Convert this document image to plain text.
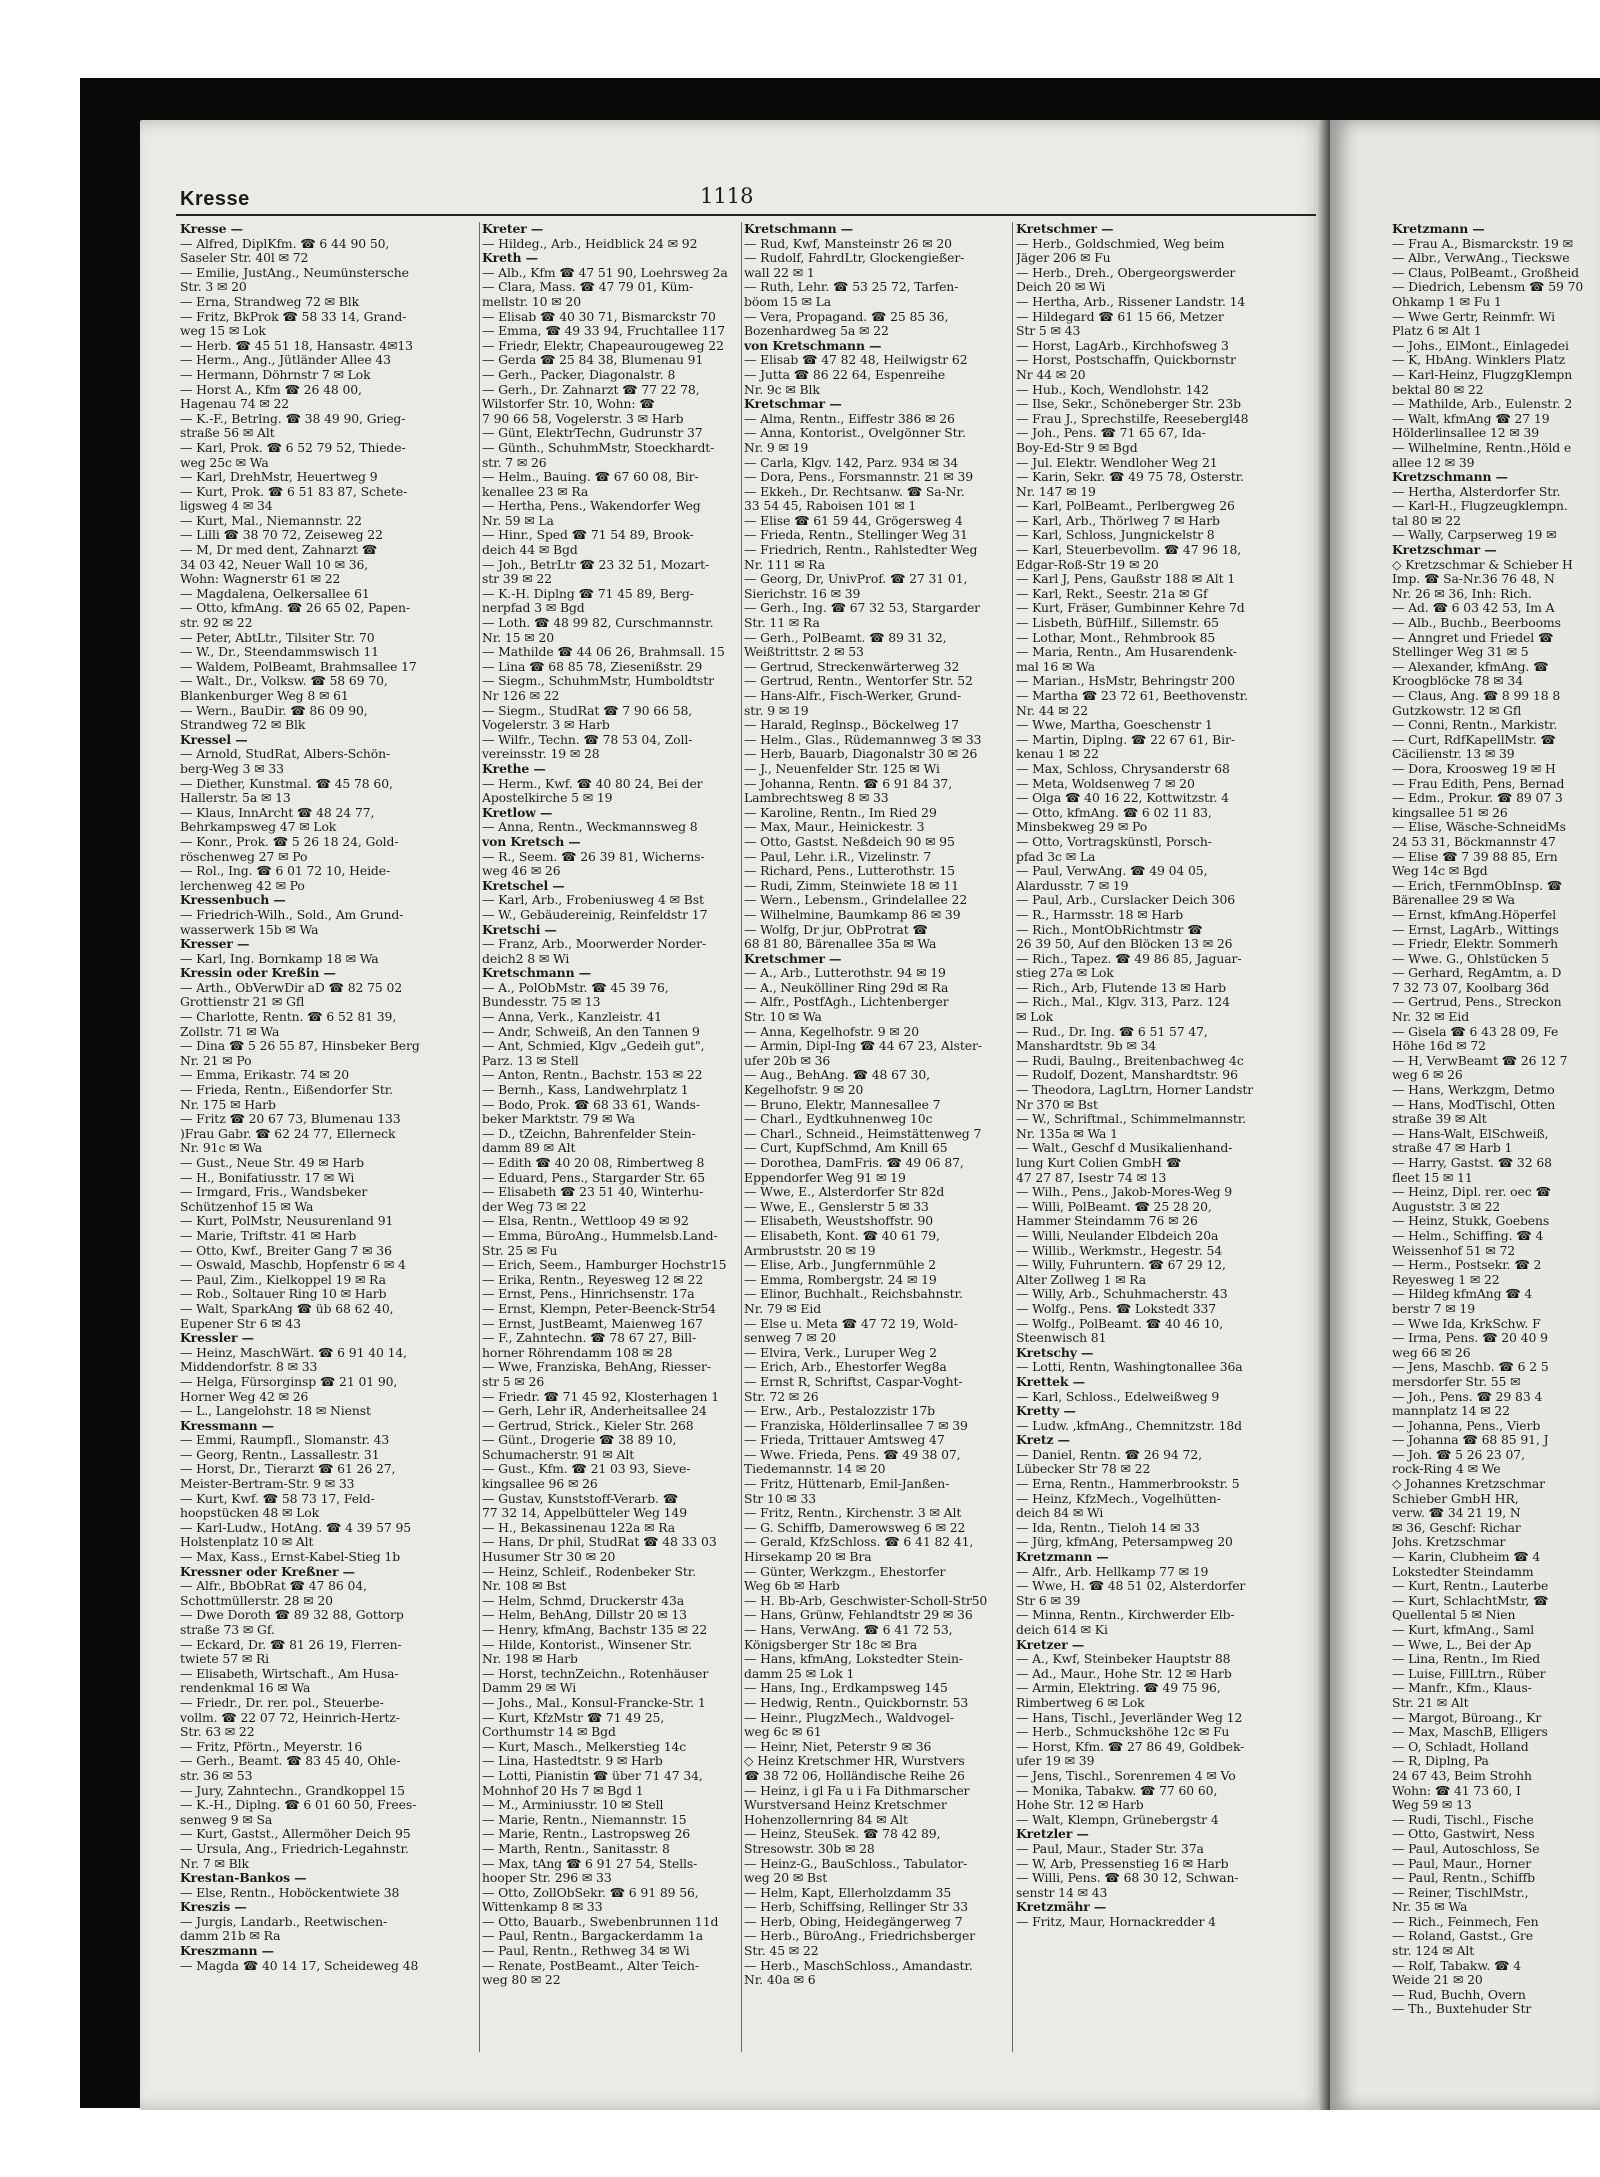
Kresse	1118
Kresse —
— Alfred, DiplKfm. ☎ 6 44 90 50,
Saseler Str. 40l ✉ 72
— Emilie, JustAng., Neumünstersche
Str. 3 ✉ 20
— Erna, Strandweg 72 ✉ Blk
— Fritz, BkProk ☎ 58 33 14, Grand-
weg 15 ✉ Lok
— Herb. ☎ 45 51 18, Hansastr. 4✉13
— Herm., Ang., Jütländer Allee 43
— Hermann, Döhrnstr 7 ✉ Lok
— Horst A., Kfm ☎ 26 48 00,
Hagenau 74 ✉ 22
— K.-F., Betrlng. ☎ 38 49 90, Grieg-
straße 56 ✉ Alt
— Karl, Prok. ☎ 6 52 79 52, Thiede-
weg 25c ✉ Wa
— Karl, DrehMstr, Heuertweg 9
— Kurt, Prok. ☎ 6 51 83 87, Schete-
ligsweg 4 ✉ 34
— Kurt, Mal., Niemannstr. 22
— Lilli ☎ 38 70 72, Zeiseweg 22
— M, Dr med dent, Zahnarzt ☎
34 03 42, Neuer Wall 10 ✉ 36,
Wohn: Wagnerstr 61 ✉ 22
— Magdalena, Oelkersallee 61
— Otto, kfmAng. ☎ 26 65 02, Papen-
str. 92 ✉ 22
— Peter, AbtLtr., Tilsiter Str. 70
— W., Dr., Steendammswisch 11
— Waldem, PolBeamt, Brahmsallee 17
— Walt., Dr., Volksw. ☎ 58 69 70,
Blankenburger Weg 8 ✉ 61
— Wern., BauDir. ☎ 86 09 90,
Strandweg 72 ✉ Blk
Kressel —
— Arnold, StudRat, Albers-Schön-
berg-Weg 3 ✉ 33
— Diether, Kunstmal. ☎ 45 78 60,
Hallerstr. 5a ✉ 13
— Klaus, InnArcht ☎ 48 24 77,
Behrkampsweg 47 ✉ Lok
— Konr., Prok. ☎ 5 26 18 24, Gold-
röschenweg 27 ✉ Po
— Rol., Ing. ☎ 6 01 72 10, Heide-
lerchenweg 42 ✉ Po
Kressenbuch —
— Friedrich-Wilh., Sold., Am Grund-
wasserwerk 15b ✉ Wa
Kresser —
— Karl, Ing. Bornkamp 18 ✉ Wa
Kressin oder Kreßin —
— Arth., ObVerwDir aD ☎ 82 75 02
Grottienstr 21 ✉ Gfl
— Charlotte, Rentn. ☎ 6 52 81 39,
Zollstr. 71 ✉ Wa
— Dina ☎ 5 26 55 87, Hinsbeker Berg
Nr. 21 ✉ Po
— Emma, Erikastr. 74 ✉ 20
— Frieda, Rentn., Eißendorfer Str.
Nr. 175 ✉ Harb
— Fritz ☎ 20 67 73, Blumenau 133
)Frau Gabr. ☎ 62 24 77, Ellerneck
Nr. 91c ✉ Wa
— Gust., Neue Str. 49 ✉ Harb
— H., Bonifatiusstr. 17 ✉ Wi
— Irmgard, Fris., Wandsbeker
Schützenhof 15 ✉ Wa
— Kurt, PolMstr, Neusurenland 91
— Marie, Triftstr. 41 ✉ Harb
— Otto, Kwf., Breiter Gang 7 ✉ 36
— Oswald, Maschb, Hopfenstr 6 ✉ 4
— Paul, Zim., Kielkoppel 19 ✉ Ra
— Rob., Soltauer Ring 10 ✉ Harb
— Walt, SparkAng ☎ üb 68 62 40,
Eupener Str 6 ✉ 43
Kressler —
— Heinz, MaschWärt. ☎ 6 91 40 14,
Middendorfstr. 8 ✉ 33
— Helga, Fürsorginsp ☎ 21 01 90,
Horner Weg 42 ✉ 26
— L., Langelohstr. 18 ✉ Nienst
Kressmann —
— Emmi, Raumpfl., Slomanstr. 43
— Georg, Rentn., Lassallestr. 31
— Horst, Dr., Tierarzt ☎ 61 26 27,
Meister-Bertram-Str. 9 ✉ 33
— Kurt, Kwf. ☎ 58 73 17, Feld-
hoopstücken 48 ✉ Lok
— Karl-Ludw., HotAng. ☎ 4 39 57 95
Holstenplatz 10 ✉ Alt
— Max, Kass., Ernst-Kabel-Stieg 1b
Kressner oder Kreßner —
— Alfr., BbObRat ☎ 47 86 04,
Schottmüllerstr. 28 ✉ 20
— Dwe Doroth ☎ 89 32 88, Gottorp
straße 73 ✉ Gf.
— Eckard, Dr. ☎ 81 26 19, Flerren-
twiete 57 ✉ Ri
— Elisabeth, Wirtschaft., Am Husa-
rendenkmal 16 ✉ Wa
— Friedr., Dr. rer. pol., Steuerbe-
vollm. ☎ 22 07 72, Heinrich-Hertz-
Str. 63 ✉ 22
— Fritz, Pförtn., Meyerstr. 16
— Gerh., Beamt. ☎ 83 45 40, Ohle-
str. 36 ✉ 53
— Jury, Zahntechn., Grandkoppel 15
— K.-H., Diplng. ☎ 6 01 60 50, Frees-
senweg 9 ✉ Sa
— Kurt, Gastst., Allermöher Deich 95
— Ursula, Ang., Friedrich-Legahnstr.
Nr. 7 ✉ Blk
Krestan-Bankos —
— Else, Rentn., Hoböckentwiete 38
Kreszis —
— Jurgis, Landarb., Reetwischen-
damm 21b ✉ Ra
Kreszmann —
— Magda ☎ 40 14 17, Scheideweg 48
Kreter —
— Hildeg., Arb., Heidblick 24 ✉ 92
Kreth —
— Alb., Kfm ☎ 47 51 90, Loehrsweg 2a
— Clara, Mass. ☎ 47 79 01, Küm-
mellstr. 10 ✉ 20
— Elisab ☎ 40 30 71, Bismarckstr 70
— Emma, ☎ 49 33 94, Fruchtallee 117
— Friedr, Elektr, Chapeaurougeweg 22
— Gerda ☎ 25 84 38, Blumenau 91
— Gerh., Packer, Diagonalstr. 8
— Gerh., Dr. Zahnarzt ☎ 77 22 78,
Wilstorfer Str. 10, Wohn: ☎
7 90 66 58, Vogelerstr. 3 ✉ Harb
— Günt, ElektrTechn, Gudrunstr 37
— Günth., SchuhmMstr, Stoeckhardt-
str. 7 ✉ 26
— Helm., Bauing. ☎ 67 60 08, Bir-
kenallee 23 ✉ Ra
— Hertha, Pens., Wakendorfer Weg
Nr. 59 ✉ La
— Hinr., Sped ☎ 71 54 89, Brook-
deich 44 ✉ Bgd
— Joh., BetrLtr ☎ 23 32 51, Mozart-
str 39 ✉ 22
— K.-H. Diplng ☎ 71 45 89, Berg-
nerpfad 3 ✉ Bgd
— Loth. ☎ 48 99 82, Curschmannstr.
Nr. 15 ✉ 20
— Mathilde ☎ 44 06 26, Brahmsall. 15
— Lina ☎ 68 85 78, Ziesenißstr. 29
— Siegm., SchuhmMstr, Humboldtstr
Nr 126 ✉ 22
— Siegm., StudRat ☎ 7 90 66 58,
Vogelerstr. 3 ✉ Harb
— Wilfr., Techn. ☎ 78 53 04, Zoll-
vereinsstr. 19 ✉ 28
Krethe —
— Herm., Kwf. ☎ 40 80 24, Bei der
Apostelkirche 5 ✉ 19
Kretlow —
— Anna, Rentn., Weckmannsweg 8
von Kretsch —
— R., Seem. ☎ 26 39 81, Wicherns-
weg 46 ✉ 26
Kretschel —
— Karl, Arb., Frobeniusweg 4 ✉ Bst
— W., Gebäudereinig, Reinfeldstr 17
Kretschi —
— Franz, Arb., Moorwerder Norder-
deich2 8 ✉ Wi
Kretschmann —
— A., PolObMstr. ☎ 45 39 76,
Bundesstr. 75 ✉ 13
— Anna, Verk., Kanzleistr. 41
— Andr, Schweiß, An den Tannen 9
— Ant, Schmied, Klgv „Gedeih gut",
Parz. 13 ✉ Stell
— Anton, Rentn., Bachstr. 153 ✉ 22
— Bernh., Kass, Landwehrplatz 1
— Bodo, Prok. ☎ 68 33 61, Wands-
beker Marktstr. 79 ✉ Wa
— D., tZeichn, Bahrenfelder Stein-
damm 89 ✉ Alt
— Edith ☎ 40 20 08, Rimbertweg 8
— Eduard, Pens., Stargarder Str. 65
— Elisabeth ☎ 23 51 40, Winterhu-
der Weg 73 ✉ 22
— Elsa, Rentn., Wettloop 49 ✉ 92
— Emma, BüroAng., Hummelsb.Land-
Str. 25 ✉ Fu
— Erich, Seem., Hamburger Hochstr15
— Erika, Rentn., Reyesweg 12 ✉ 22
— Ernst, Pens., Hinrichsenstr. 17a
— Ernst, Klempn, Peter-Beenck-Str54
— Ernst, JustBeamt, Maienweg 167
— F., Zahntechn. ☎ 78 67 27, Bill-
horner Röhrendamm 108 ✉ 28
— Wwe, Franziska, BehAng, Riesser-
str 5 ✉ 26
— Friedr. ☎ 71 45 92, Klosterhagen 1
— Gerh, Lehr iR, Anderheitsallee 24
— Gertrud, Strick., Kieler Str. 268
— Günt., Drogerie ☎ 38 89 10,
Schumacherstr. 91 ✉ Alt
— Gust., Kfm. ☎ 21 03 93, Sieve-
kingsallee 96 ✉ 26
— Gustav, Kunststoff-Verarb. ☎
77 32 14, Appelbütteler Weg 149
— H., Bekassinenau 122a ✉ Ra
— Hans, Dr phil, StudRat ☎ 48 33 03
Husumer Str 30 ✉ 20
— Heinz, Schleif., Rodenbeker Str.
Nr. 108 ✉ Bst
— Helm, Schmd, Druckerstr 43a
— Helm, BehAng, Dillstr 20 ✉ 13
— Henry, kfmAng, Bachstr 135 ✉ 22
— Hilde, Kontorist., Winsener Str.
Nr. 198 ✉ Harb
— Horst, technZeichn., Rotenhäuser
Damm 29 ✉ Wi
— Johs., Mal., Konsul-Francke-Str. 1
— Kurt, KfzMstr ☎ 71 49 25,
Corthumstr 14 ✉ Bgd
— Kurt, Masch., Melkerstieg 14c
— Lina, Hastedtstr. 9 ✉ Harb
— Lotti, Pianistin ☎ über 71 47 34,
Mohnhof 20 Hs 7 ✉ Bgd 1
— M., Arminiusstr. 10 ✉ Stell
— Marie, Rentn., Niemannstr. 15
— Marie, Rentn., Lastropsweg 26
— Marth, Rentn., Sanitasstr. 8
— Max, tAng ☎ 6 91 27 54, Stells-
hooper Str. 296 ✉ 33
— Otto, ZollObSekr. ☎ 6 91 89 56,
Wittenkamp 8 ✉ 33
— Otto, Bauarb., Swebenbrunnen 11d
— Paul, Rentn., Bargackerdamm 1a
— Paul, Rentn., Rethweg 34 ✉ Wi
— Renate, PostBeamt., Alter Teich-
weg 80 ✉ 22
Kretschmann —
— Rud, Kwf, Mansteinstr 26 ✉ 20
— Rudolf, FahrdLtr, Glockengießer-
wall 22 ✉ 1
— Ruth, Lehr. ☎ 53 25 72, Tarfen-
böom 15 ✉ La
— Vera, Propagand. ☎ 25 85 36,
Bozenhardweg 5a ✉ 22
von Kretschmann —
— Elisab ☎ 47 82 48, Heilwigstr 62
— Jutta ☎ 86 22 64, Espenreihe
Nr. 9c ✉ Blk
Kretschmar —
— Alma, Rentn., Eiffestr 386 ✉ 26
— Anna, Kontorist., Ovelgönner Str.
Nr. 9 ✉ 19
— Carla, Klgv. 142, Parz. 934 ✉ 34
— Dora, Pens., Forsmannstr. 21 ✉ 39
— Ekkeh., Dr. Rechtsanw. ☎ Sa-Nr.
33 54 45, Raboisen 101 ✉ 1
— Elise ☎ 61 59 44, Grögersweg 4
— Frieda, Rentn., Stellinger Weg 31
— Friedrich, Rentn., Rahlstedter Weg
Nr. 111 ✉ Ra
— Georg, Dr, UnivProf. ☎ 27 31 01,
Sierichstr. 16 ✉ 39
— Gerh., Ing. ☎ 67 32 53, Stargarder
Str. 11 ✉ Ra
— Gerh., PolBeamt. ☎ 89 31 32,
Weißtrittstr. 2 ✉ 53
— Gertrud, Streckenwärterweg 32
— Gertrud, Rentn., Wentorfer Str. 52
— Hans-Alfr., Fisch-Werker, Grund-
str. 9 ✉ 19
— Harald, Reglnsp., Böckelweg 17
— Helm., Glas., Rüdemannweg 3 ✉ 33
— Herb, Bauarb, Diagonalstr 30 ✉ 26
— J., Neuenfelder Str. 125 ✉ Wi
— Johanna, Rentn. ☎ 6 91 84 37,
Lambrechtsweg 8 ✉ 33
— Karoline, Rentn., Im Ried 29
— Max, Maur., Heinickestr. 3
— Otto, Gastst. Neßdeich 90 ✉ 95
— Paul, Lehr. i.R., Vizelinstr. 7
— Richard, Pens., Lutterothstr. 15
— Rudi, Zimm, Steinwiete 18 ✉ 11
— Wern., Lebensm., Grindelallee 22
— Wilhelmine, Baumkamp 86 ✉ 39
— Wolfg, Dr jur, ObProtrat ☎
68 81 80, Bärenallee 35a ✉ Wa
Kretschmer —
— A., Arb., Lutterothstr. 94 ✉ 19
— A., Neukölliner Ring 29d ✉ Ra
— Alfr., PostfAgh., Lichtenberger
Str. 10 ✉ Wa
— Anna, Kegelhofstr. 9 ✉ 20
— Armin, Dipl-Ing ☎ 44 67 23, Alster-
ufer 20b ✉ 36
— Aug., BehAng. ☎ 48 67 30,
Kegelhofstr. 9 ✉ 20
— Bruno, Elektr, Mannesallee 7
— Charl., Eydtkuhnenweg 10c
— Charl., Schneid., Heimstättenweg 7
— Curt, KupfSchmd, Am Knill 65
— Dorothea, DamFris. ☎ 49 06 87,
Eppendorfer Weg 91 ✉ 19
— Wwe, E., Alsterdorfer Str 82d
— Wwe, E., Genslerstr 5 ✉ 33
— Elisabeth, Weustshoffstr. 90
— Elisabeth, Kont. ☎ 40 61 79,
Armbruststr. 20 ✉ 19
— Elise, Arb., Jungfernmühle 2
— Emma, Rombergstr. 24 ✉ 19
— Elinor, Buchhalt., Reichsbahnstr.
Nr. 79 ✉ Eid
— Else u. Meta ☎ 47 72 19, Wold-
senweg 7 ✉ 20
— Elvira, Verk., Luruper Weg 2
— Erich, Arb., Ehestorfer Weg8a
— Ernst R, Schriftst, Caspar-Voght-
Str. 72 ✉ 26
— Erw., Arb., Pestalozzistr 17b
— Franziska, Hölderlinsallee 7 ✉ 39
— Frieda, Trittauer Amtsweg 47
— Wwe. Frieda, Pens. ☎ 49 38 07,
Tiedemannstr. 14 ✉ 20
— Fritz, Hüttenarb, Emil-Janßen-
Str 10 ✉ 33
— Fritz, Rentn., Kirchenstr. 3 ✉ Alt
— G. Schiffb, Damerowsweg 6 ✉ 22
— Gerald, KfzSchloss. ☎ 6 41 82 41,
Hirsekamp 20 ✉ Bra
— Günter, Werkzgm., Ehestorfer
Weg 6b ✉ Harb
— H. Bb-Arb, Geschwister-Scholl-Str50
— Hans, Grünw, Fehlandtstr 29 ✉ 36
— Hans, VerwAng. ☎ 6 41 72 53,
Königsberger Str 18c ✉ Bra
— Hans, kfmAng, Lokstedter Stein-
damm 25 ✉ Lok 1
— Hans, Ing., Erdkampsweg 145
— Hedwig, Rentn., Quickbornstr. 53
— Heinr., PlugzMech., Waldvogel-
weg 6c ✉ 61
— Heinr, Niet, Peterstr 9 ✉ 36
◇ Heinz Kretschmer HR, Wurstvers
☎ 38 72 06, Holländische Reihe 26
— Heinz, i gl Fa u i Fa Dithmarscher
Wurstversand Heinz Kretschmer
Hohenzollernring 84 ✉ Alt
— Heinz, SteuSek. ☎ 78 42 89,
Stresowstr. 30b ✉ 28
— Heinz-G., BauSchloss., Tabulator-
weg 20 ✉ Bst
— Helm, Kapt, Ellerholzdamm 35
— Herb, Schiffsing, Rellinger Str 33
— Herb, Obing, Heidegängerweg 7
— Herb., BüroAng., Friedrichsberger
Str. 45 ✉ 22
— Herb., MaschSchloss., Amandastr.
Nr. 40a ✉ 6
Kretschmer —
— Herb., Goldschmied, Weg beim
Jäger 206 ✉ Fu
— Herb., Dreh., Obergeorgswerder
Deich 20 ✉ Wi
— Hertha, Arb., Rissener Landstr. 14
— Hildegard ☎ 61 15 66, Metzer
Str 5 ✉ 43
— Horst, LagArb., Kirchhofsweg 3
— Horst, Postschaffn, Quickbornstr
Nr 44 ✉ 20
— Hub., Koch, Wendlohstr. 142
— Ilse, Sekr., Schöneberger Str. 23b
— Frau J., Sprechstilfe, Reesebergl48
— Joh., Pens. ☎ 71 65 67, Ida-
Boy-Ed-Str 9 ✉ Bgd
— Jul. Elektr. Wendloher Weg 21
— Karin, Sekr. ☎ 49 75 78, Osterstr.
Nr. 147 ✉ 19
— Karl, PolBeamt., Perlbergweg 26
— Karl, Arb., Thörlweg 7 ✉ Harb
— Karl, Schloss, Jungnickelstr 8
— Karl, Steuerbevollm. ☎ 47 96 18,
Edgar-Roß-Str 19 ✉ 20
— Karl J, Pens, Gaußstr 188 ✉ Alt 1
— Karl, Rekt., Seestr. 21a ✉ Gf
— Kurt, Fräser, Gumbinner Kehre 7d
— Lisbeth, BüfHilf., Sillemstr. 65
— Lothar, Mont., Rehmbrook 85
— Maria, Rentn., Am Husarendenk-
mal 16 ✉ Wa
— Marian., HsMstr, Behringstr 200
— Martha ☎ 23 72 61, Beethovenstr.
Nr. 44 ✉ 22
— Wwe, Martha, Goeschenstr 1
— Martin, Diplng. ☎ 22 67 61, Bir-
kenau 1 ✉ 22
— Max, Schloss, Chrysanderstr 68
— Meta, Woldsenweg 7 ✉ 20
— Olga ☎ 40 16 22, Kottwitzstr. 4
— Otto, kfmAng. ☎ 6 02 11 83,
Minsbekweg 29 ✉ Po
— Otto, Vortragskünstl, Porsch-
pfad 3c ✉ La
— Paul, VerwAng. ☎ 49 04 05,
Alardusstr. 7 ✉ 19
— Paul, Arb., Curslacker Deich 306
— R., Harmsstr. 18 ✉ Harb
— Rich., MontObRichtmstr ☎
26 39 50, Auf den Blöcken 13 ✉ 26
— Rich., Tapez. ☎ 49 86 85, Jaguar-
stieg 27a ✉ Lok
— Rich., Arb, Flutende 13 ✉ Harb
— Rich., Mal., Klgv. 313, Parz. 124
✉ Lok
— Rud., Dr. Ing. ☎ 6 51 57 47,
Manshardtstr. 9b ✉ 34
— Rudi, Baulng., Breitenbachweg 4c
— Rudolf, Dozent, Manshardtstr. 96
— Theodora, LagLtrn, Horner Landstr
Nr 370 ✉ Bst
— W., Schriftmal., Schimmelmannstr.
Nr. 135a ✉ Wa 1
— Walt., Geschf d Musikalienhand-
lung Kurt Colien GmbH ☎
47 27 87, Isestr 74 ✉ 13
— Wilh., Pens., Jakob-Mores-Weg 9
— Willi, PolBeamt. ☎ 25 28 20,
Hammer Steindamm 76 ✉ 26
— Willi, Neulander Elbdeich 20a
— Willib., Werkmstr., Hegestr. 54
— Willy, Fuhruntern. ☎ 67 29 12,
Alter Zollweg 1 ✉ Ra
— Willy, Arb., Schuhmacherstr. 43
— Wolfg., Pens. ☎ Lokstedt 337
— Wolfg., PolBeamt. ☎ 40 46 10,
Steenwisch 81
Kretschy —
— Lotti, Rentn, Washingtonallee 36a
Krettek —
— Karl, Schloss., Edelweißweg 9
Kretty —
— Ludw. ,kfmAng., Chemnitzstr. 18d
Kretz —
— Daniel, Rentn. ☎ 26 94 72,
Lübecker Str 78 ✉ 22
— Erna, Rentn., Hammerbrookstr. 5
— Heinz, KfzMech., Vogelhütten-
deich 84 ✉ Wi
— Ida, Rentn., Tieloh 14 ✉ 33
— Jürg, kfmAng, Petersampweg 20
Kretzmann —
— Alfr., Arb. Hellkamp 77 ✉ 19
— Wwe, H. ☎ 48 51 02, Alsterdorfer
Str 6 ✉ 39
— Minna, Rentn., Kirchwerder Elb-
deich 614 ✉ Ki
Kretzer —
— A., Kwf, Steinbeker Hauptstr 88
— Ad., Maur., Hohe Str. 12 ✉ Harb
— Armin, Elektring. ☎ 49 75 96,
Rimbertweg 6 ✉ Lok
— Hans, Tischl., Jeverländer Weg 12
— Herb., Schmuckshöhe 12c ✉ Fu
— Horst, Kfm. ☎ 27 86 49, Goldbek-
ufer 19 ✉ 39
— Jens, Tischl., Sorenremen 4 ✉ Vo
— Monika, Tabakw. ☎ 77 60 60,
Hohe Str. 12 ✉ Harb
— Walt, Klempn, Grünebergstr 4
Kretzler —
— Paul, Maur., Stader Str. 37a
— W, Arb, Pressenstieg 16 ✉ Harb
— Willi, Pens. ☎ 68 30 12, Schwan-
senstr 14 ✉ 43
Kretzmähr —
— Fritz, Maur, Hornackredder 4
Kretzmann —
— Frau A., Bismarckstr. 19 ✉
— Albr., VerwAng., Tieckswe
— Claus, PolBeamt., Großheid
— Diedrich, Lebensm ☎ 59 70
Ohkamp 1 ✉ Fu 1
— Wwe Gertr, Reinmfr. Wi
Platz 6 ✉ Alt 1
— Johs., ElMont., Einlagedei
— K, HbAng. Winklers Platz
— Karl-Heinz, FlugzgKlempn
bektal 80 ✉ 22
— Mathilde, Arb., Eulenstr. 2
— Walt, kfmAng ☎ 27 19
Hölderlinsallee 12 ✉ 39
— Wilhelmine, Rentn.,Höld e
allee 12 ✉ 39
Kretzschmann —
— Hertha, Alsterdorfer Str.
— Karl-H., Flugzeugklempn.
tal 80 ✉ 22
— Wally, Carpserweg 19 ✉
Kretzschmar —
◇ Kretzschmar & Schieber H
Imp. ☎ Sa-Nr.36 76 48, N
Nr. 26 ✉ 36, Inh: Rich.
— Ad. ☎ 6 03 42 53, Im A
— Alb., Buchb., Beerbooms
— Anngret und Friedel ☎
Stellinger Weg 31 ✉ 5
— Alexander, kfmAng. ☎
Kroogblöcke 78 ✉ 34
— Claus, Ang. ☎ 8 99 18 8
Gutzkowstr. 12 ✉ Gfl
— Conni, Rentn., Markistr.
— Curt, RdfKapellMstr. ☎
Cäcilienstr. 13 ✉ 39
— Dora, Kroosweg 19 ✉ H
— Frau Edith, Pens, Bernad
— Edm., Prokur. ☎ 89 07 3
kingsallee 51 ✉ 26
— Elise, Wäsche-SchneidMs
24 53 31, Böckmannstr 47
— Elise ☎ 7 39 88 85, Ern
Weg 14c ✉ Bgd
— Erich, tFernmObInsp. ☎
Bärenallee 29 ✉ Wa
— Ernst, kfmAng.Höperfel
— Ernst, LagArb., Wittings
— Friedr, Elektr. Sommerh
— Wwe. G., Ohlstücken 5
— Gerhard, RegAmtm, a. D
7 32 73 07, Koolbarg 36d
— Gertrud, Pens., Streckon
Nr. 32 ✉ Eid
— Gisela ☎ 6 43 28 09, Fe
Höhe 16d ✉ 72
— H, VerwBeamt ☎ 26 12 7
weg 6 ✉ 26
— Hans, Werkzgm, Detmo
— Hans, ModTischl, Otten
straße 39 ✉ Alt
— Hans-Walt, ElSchweiß,
straße 47 ✉ Harb 1
— Harry, Gastst. ☎ 32 68
fleet 15 ✉ 11
— Heinz, Dipl. rer. oec ☎
Auguststr. 3 ✉ 22
— Heinz, Stukk, Goebens
— Helm., Schiffing. ☎ 4
Weissenhof 51 ✉ 72
— Herm., Postsekr. ☎ 2
Reyesweg 1 ✉ 22
— Hildeg kfmAng ☎ 4
berstr 7 ✉ 19
— Wwe Ida, KrkSchw. F
— Irma, Pens. ☎ 20 40 9
weg 66 ✉ 26
— Jens, Maschb. ☎ 6 2 5
mersdorfer Str. 55 ✉
— Joh., Pens. ☎ 29 83 4
mannplatz 14 ✉ 22
— Johanna, Pens., Vierb
— Johanna ☎ 68 85 91, J
— Joh. ☎ 5 26 23 07,
rock-Ring 4 ✉ We
◇ Johannes Kretzschmar
Schieber GmbH HR,
verw. ☎ 34 21 19, N
✉ 36, Geschf: Richar
Johs. Kretzschmar
— Karin, Clubheim ☎ 4
Lokstedter Steindamm
— Kurt, Rentn., Lauterbe
— Kurt, SchlachtMstr, ☎
Quellental 5 ✉ Nien
— Kurt, kfmAng., Saml
— Wwe, L., Bei der Ap
— Lina, Rentn., Im Ried
— Luise, FillLtrn., Rüber
— Manfr., Kfm., Klaus-
Str. 21 ✉ Alt
— Margot, Büroang., Kr
— Max, MaschB, Elligers
— O, Schladt, Holland
— R, Diplng, Pa
24 67 43, Beim Strohh
Wohn: ☎ 41 73 60, I
Weg 59 ✉ 13
— Rudi, Tischl., Fische
— Otto, Gastwirt, Ness
— Paul, Autoschloss, Se
— Paul, Maur., Horner
— Paul, Rentn., Schiffb
— Reiner, TischlMstr.,
Nr. 35 ✉ Wa
— Rich., Feinmech, Fen
— Roland, Gastst., Gre
str. 124 ✉ Alt
— Rolf, Tabakw. ☎ 4
Weide 21 ✉ 20
— Rud, Buchh, Overn
— Th., Buxtehuder Str
